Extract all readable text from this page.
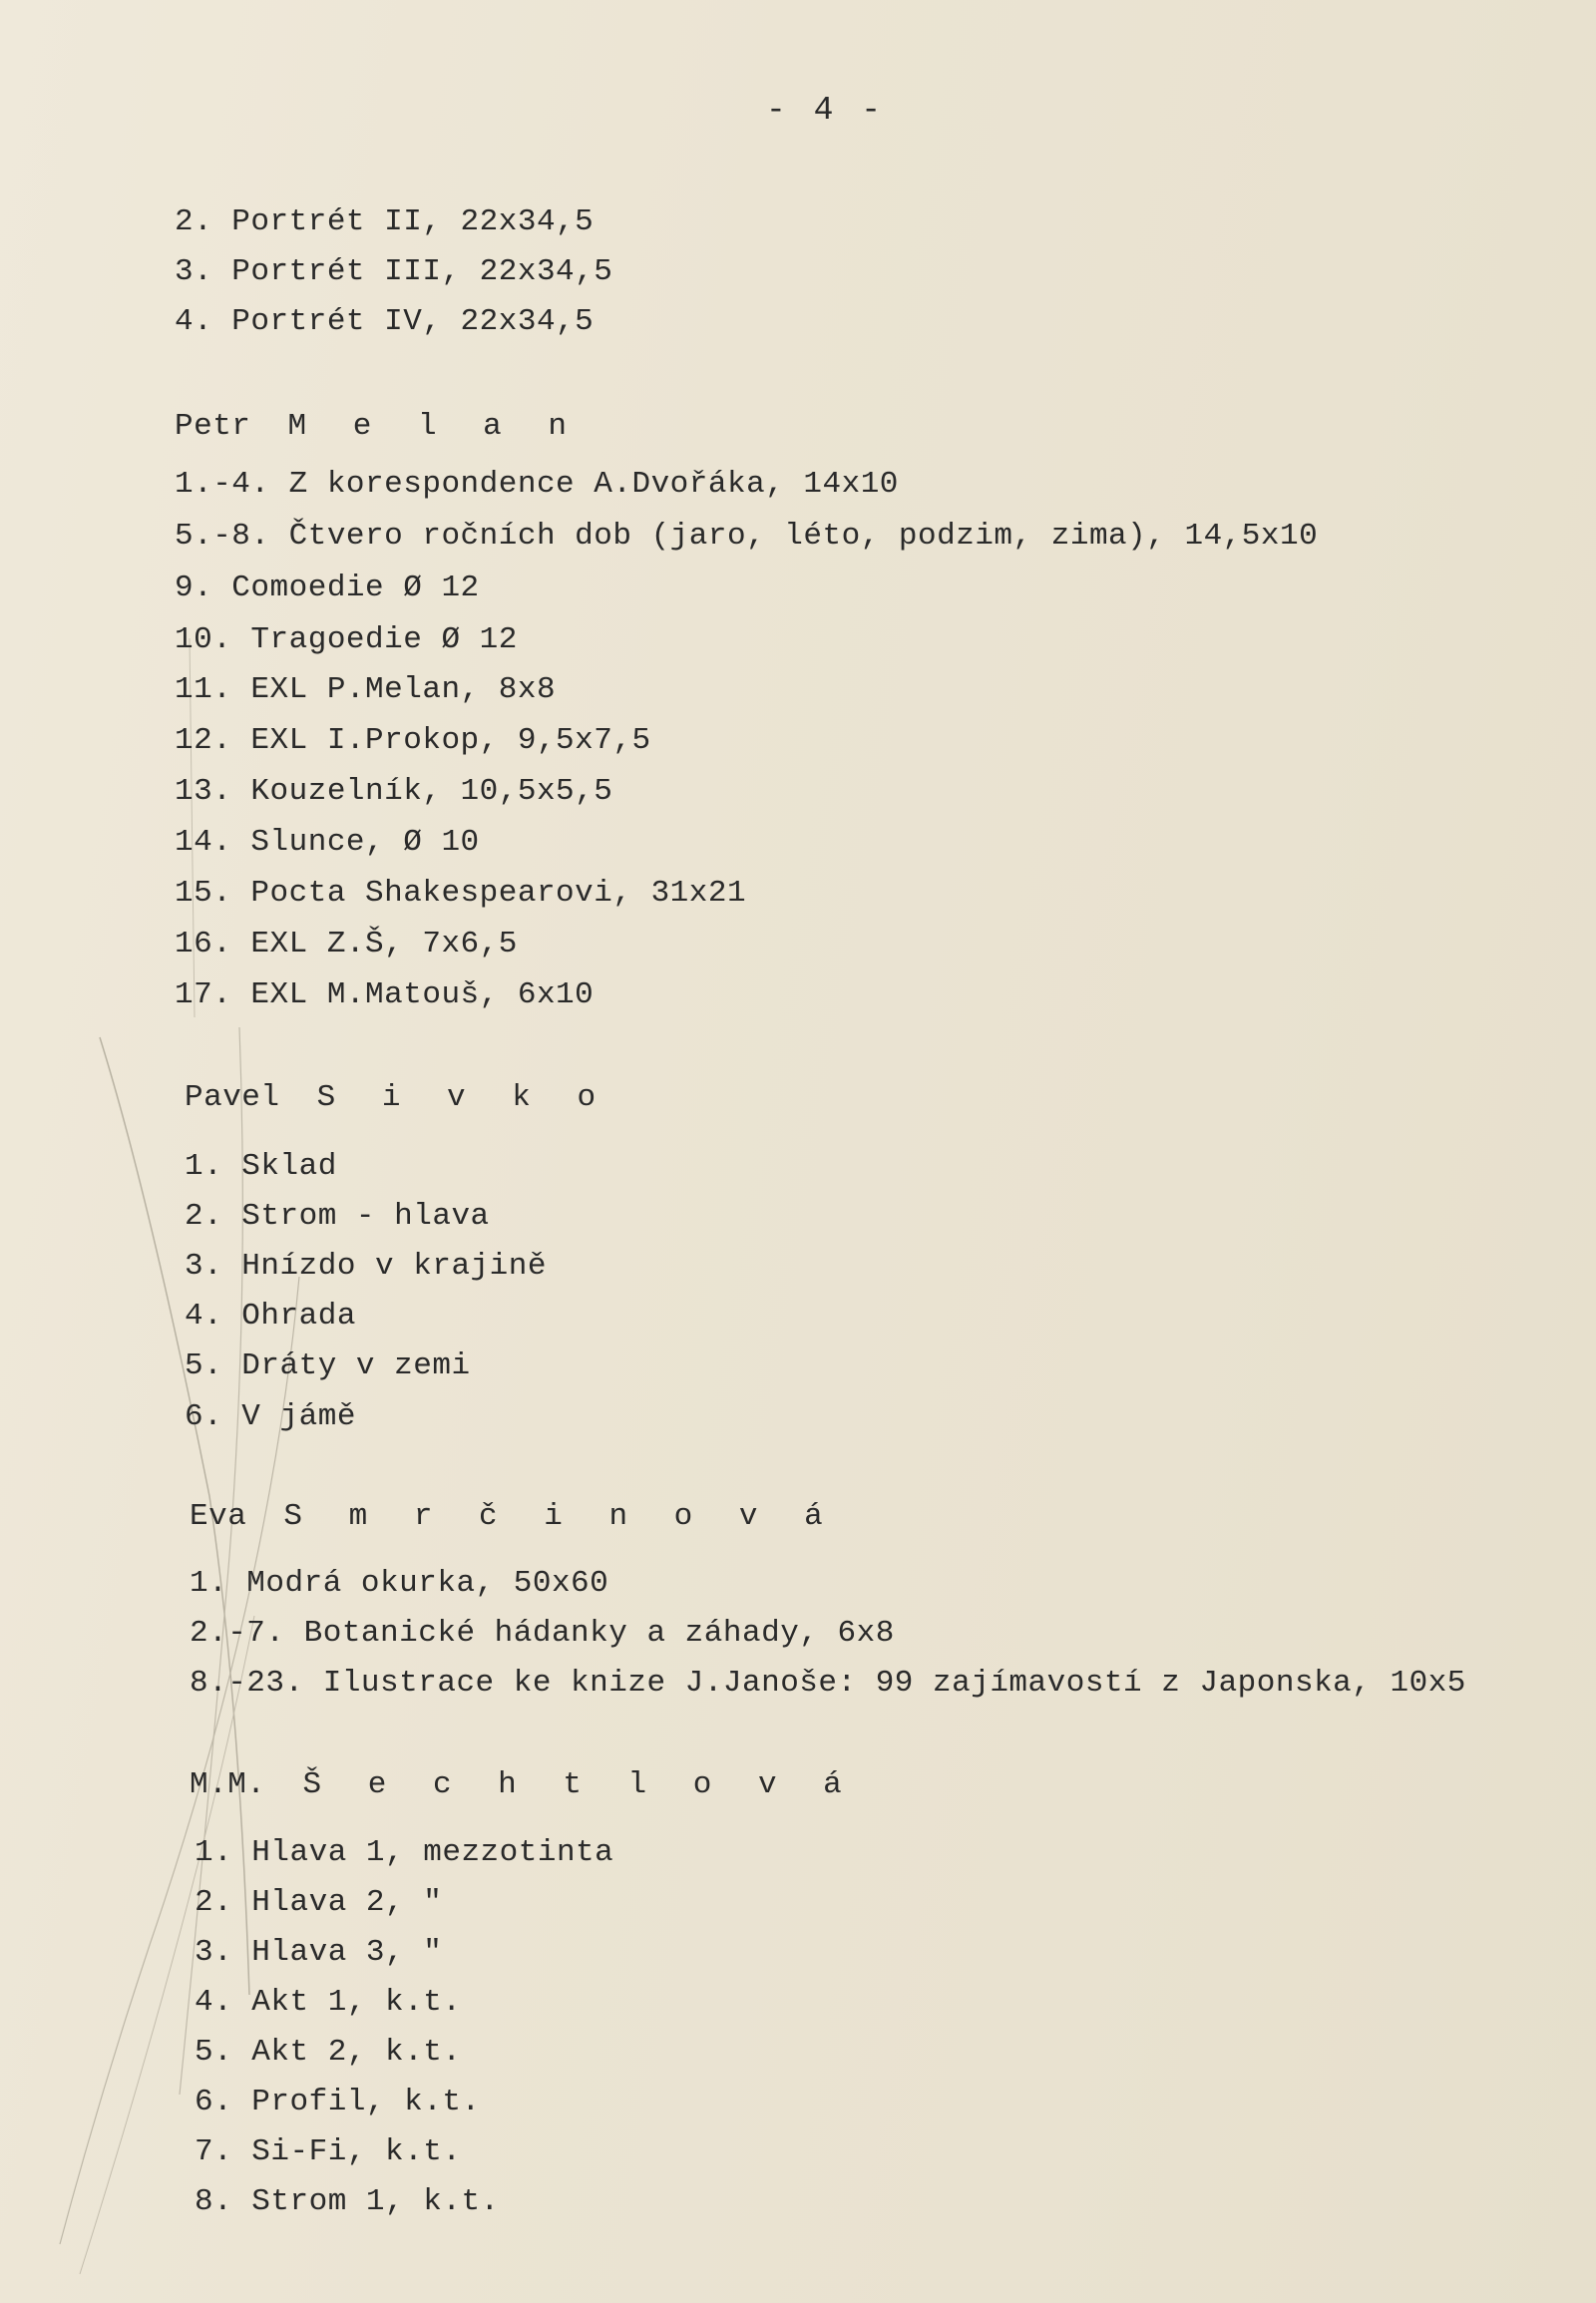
- 4 -
2. Portrét II, 22x34,5
3. Portrét III, 22x34,5
4. Portrét IV, 22x34,5
Petr M e l a n
1.-4. Z korespondence A.Dvořáka, 14x10
5.-8. Čtvero ročních dob (jaro, léto, podzim, zima), 14,5x10
9. Comoedie Ø 12
10. Tragoedie Ø 12
11. EXL P.Melan, 8x8
12. EXL I.Prokop, 9,5x7,5
13. Kouzelník, 10,5x5,5
14. Slunce, Ø 10
15. Pocta Shakespearovi, 31x21
16. EXL Z.Š, 7x6,5
17. EXL M.Matouš, 6x10
Pavel S i v k o
1. Sklad
2. Strom - hlava
3. Hnízdo v krajině
4. Ohrada
5. Dráty v zemi
6. V jámě
Eva S m r č i n o v á
1. Modrá okurka, 50x60
2.-7. Botanické hádanky a záhady, 6x8
8.-23. Ilustrace ke knize J.Janoše: 99 zajímavostí z Japonska, 10x5
M.M. Š e c h t l o v á
1. Hlava 1, mezzotinta
2. Hlava 2, "
3. Hlava 3, "
4. Akt 1, k.t.
5. Akt 2, k.t.
6. Profil, k.t.
7. Si-Fi, k.t.
8. Strom 1, k.t.
